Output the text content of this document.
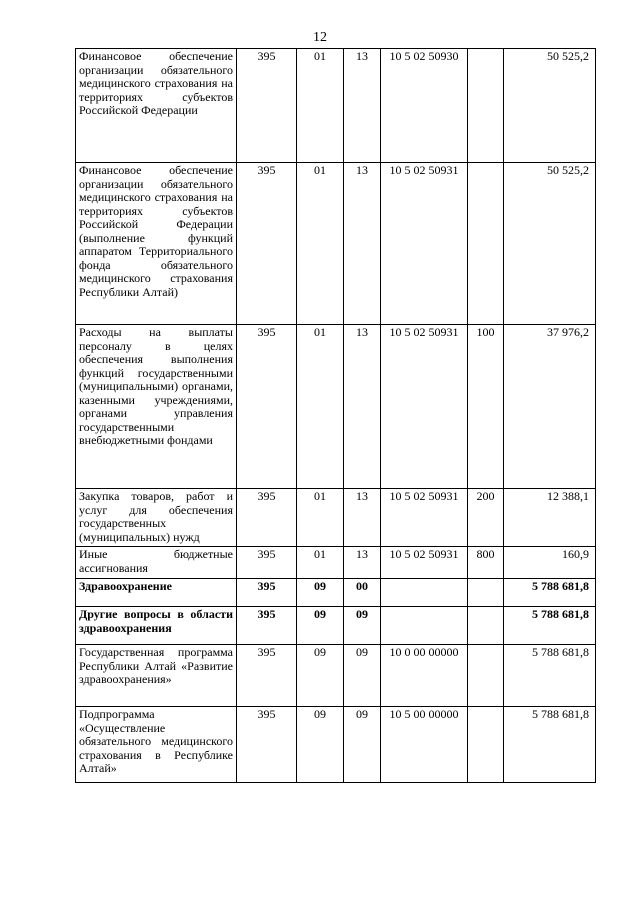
12
Финансовое обеспечение организации обязательного медицинского страхования на территориях субъектов Российской Федерации	395	01	13	10 5 02 50930		50 525,2
Финансовое обеспечение организации обязательного медицинского страхования на территориях субъектов Российской Федерации (выполнение функций аппаратом Территориального фонда обязательного медицинского страхования Республики Алтай)	395	01	13	10 5 02 50931		50 525,2
Расходы на выплаты персоналу в целях обеспечения выполнения функций государственными (муниципальными) органами, казенными учреждениями, органами управления государственными внебюджетными фондами	395	01	13	10 5 02 50931	100	37 976,2
Закупка товаров, работ и услуг для обеспечения государственных (муниципальных) нужд	395	01	13	10 5 02 50931	200	12 388,1
Иные бюджетные ассигнования	395	01	13	10 5 02 50931	800	160,9
Здравоохранение	395	09	00			5 788 681,8
Другие вопросы в области здравоохранения	395	09	09			5 788 681,8
Государственная программа Республики Алтай «Развитие здравоохранения»	395	09	09	10 0 00 00000		5 788 681,8
Подпрограмма «Осуществление обязательного медицинского страхования в Республике Алтай»	395	09	09	10 5 00 00000		5 788 681,8
